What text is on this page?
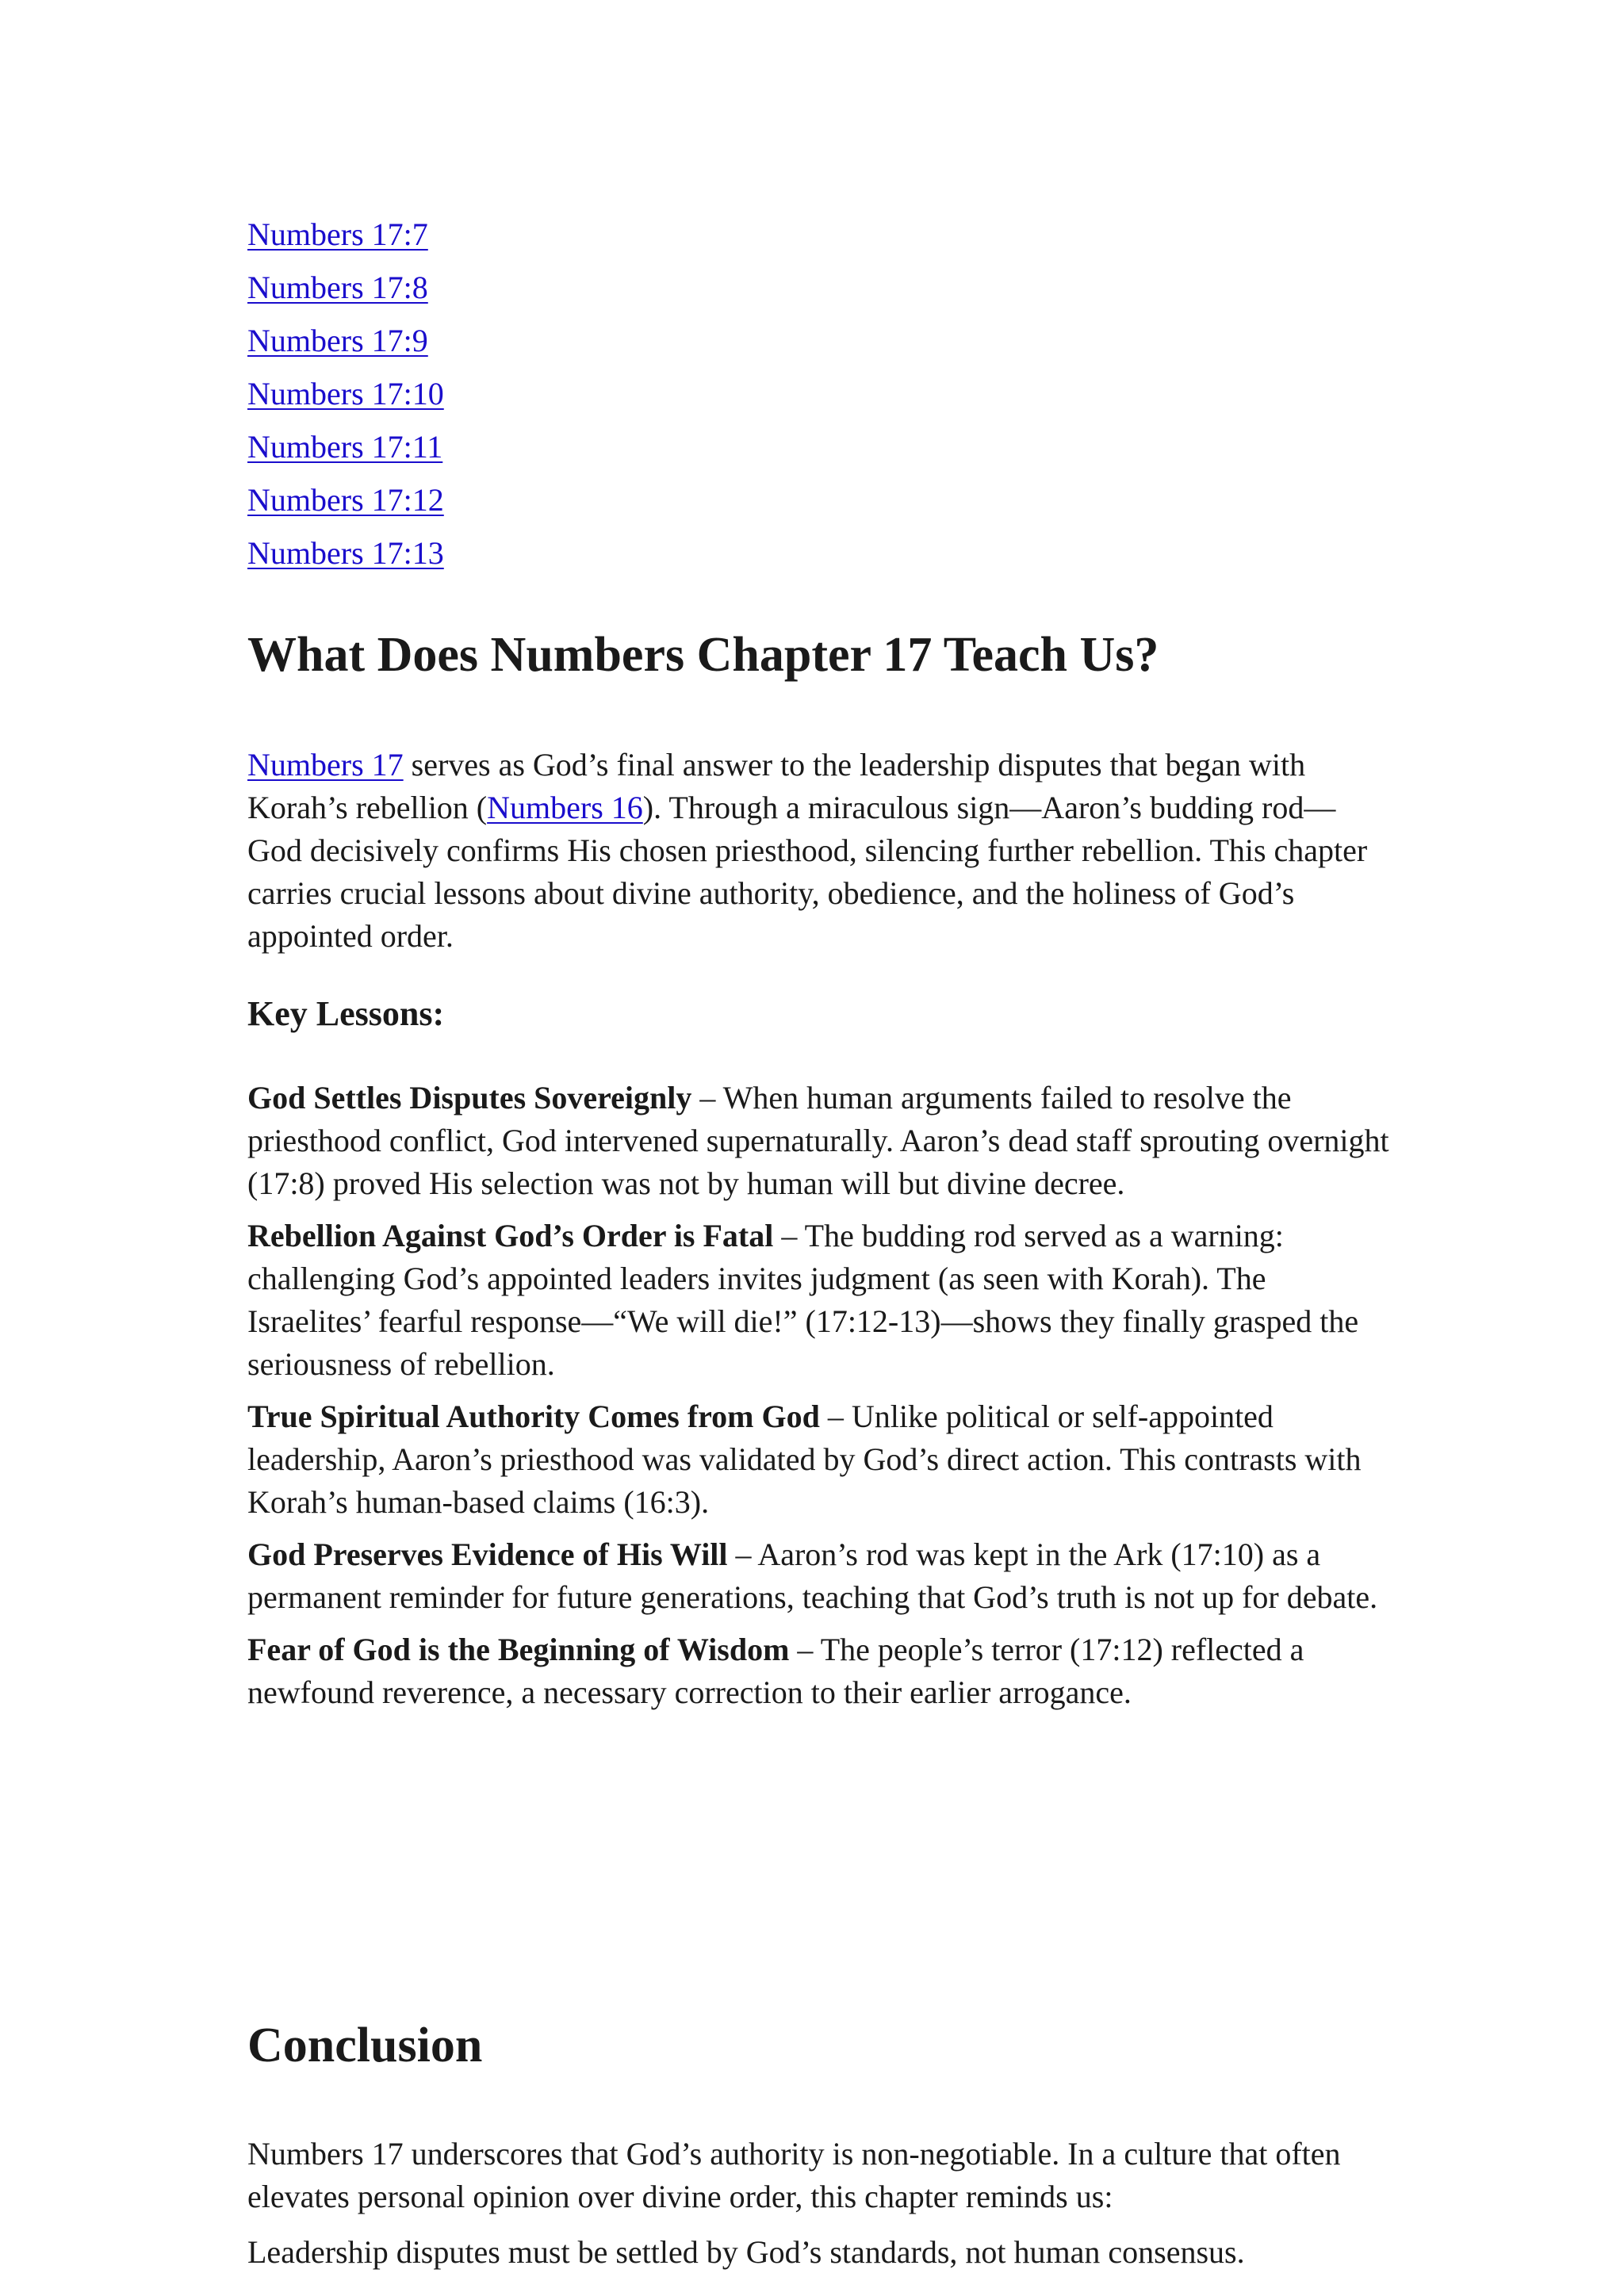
Numbers 17:7
Numbers 17:8
Numbers 17:9
Numbers 17:10
Numbers 17:11
Numbers 17:12
Numbers 17:13
What Does Numbers Chapter 17 Teach Us?

Numbers 17 serves as God’s final answer to the leadership disputes that began with Korah’s rebellion (Numbers 16). Through a miraculous sign—Aaron’s budding rod—God decisively confirms His chosen priesthood, silencing further rebellion. This chapter carries crucial lessons about divine authority, obedience, and the holiness of God’s appointed order.

Key Lessons:

God Settles Disputes Sovereignly – When human arguments failed to resolve the priesthood conflict, God intervened supernaturally. Aaron’s dead staff sprouting overnight (17:8) proved His selection was not by human will but divine decree.

Rebellion Against God’s Order is Fatal – The budding rod served as a warning: challenging God’s appointed leaders invites judgment (as seen with Korah). The Israelites’ fearful response—“We will die!” (17:12-13)—shows they finally grasped the seriousness of rebellion.

True Spiritual Authority Comes from God – Unlike political or self-appointed leadership, Aaron’s priesthood was validated by God’s direct action. This contrasts with Korah’s human-based claims (16:3).

God Preserves Evidence of His Will – Aaron’s rod was kept in the Ark (17:10) as a permanent reminder for future generations, teaching that God’s truth is not up for debate.

Fear of God is the Beginning of Wisdom – The people’s terror (17:12) reflected a newfound reverence, a necessary correction to their earlier arrogance.

Conclusion

Numbers 17 underscores that God’s authority is non-negotiable. In a culture that often elevates personal opinion over divine order, this chapter reminds us:

Leadership disputes must be settled by God’s standards, not human consensus.
